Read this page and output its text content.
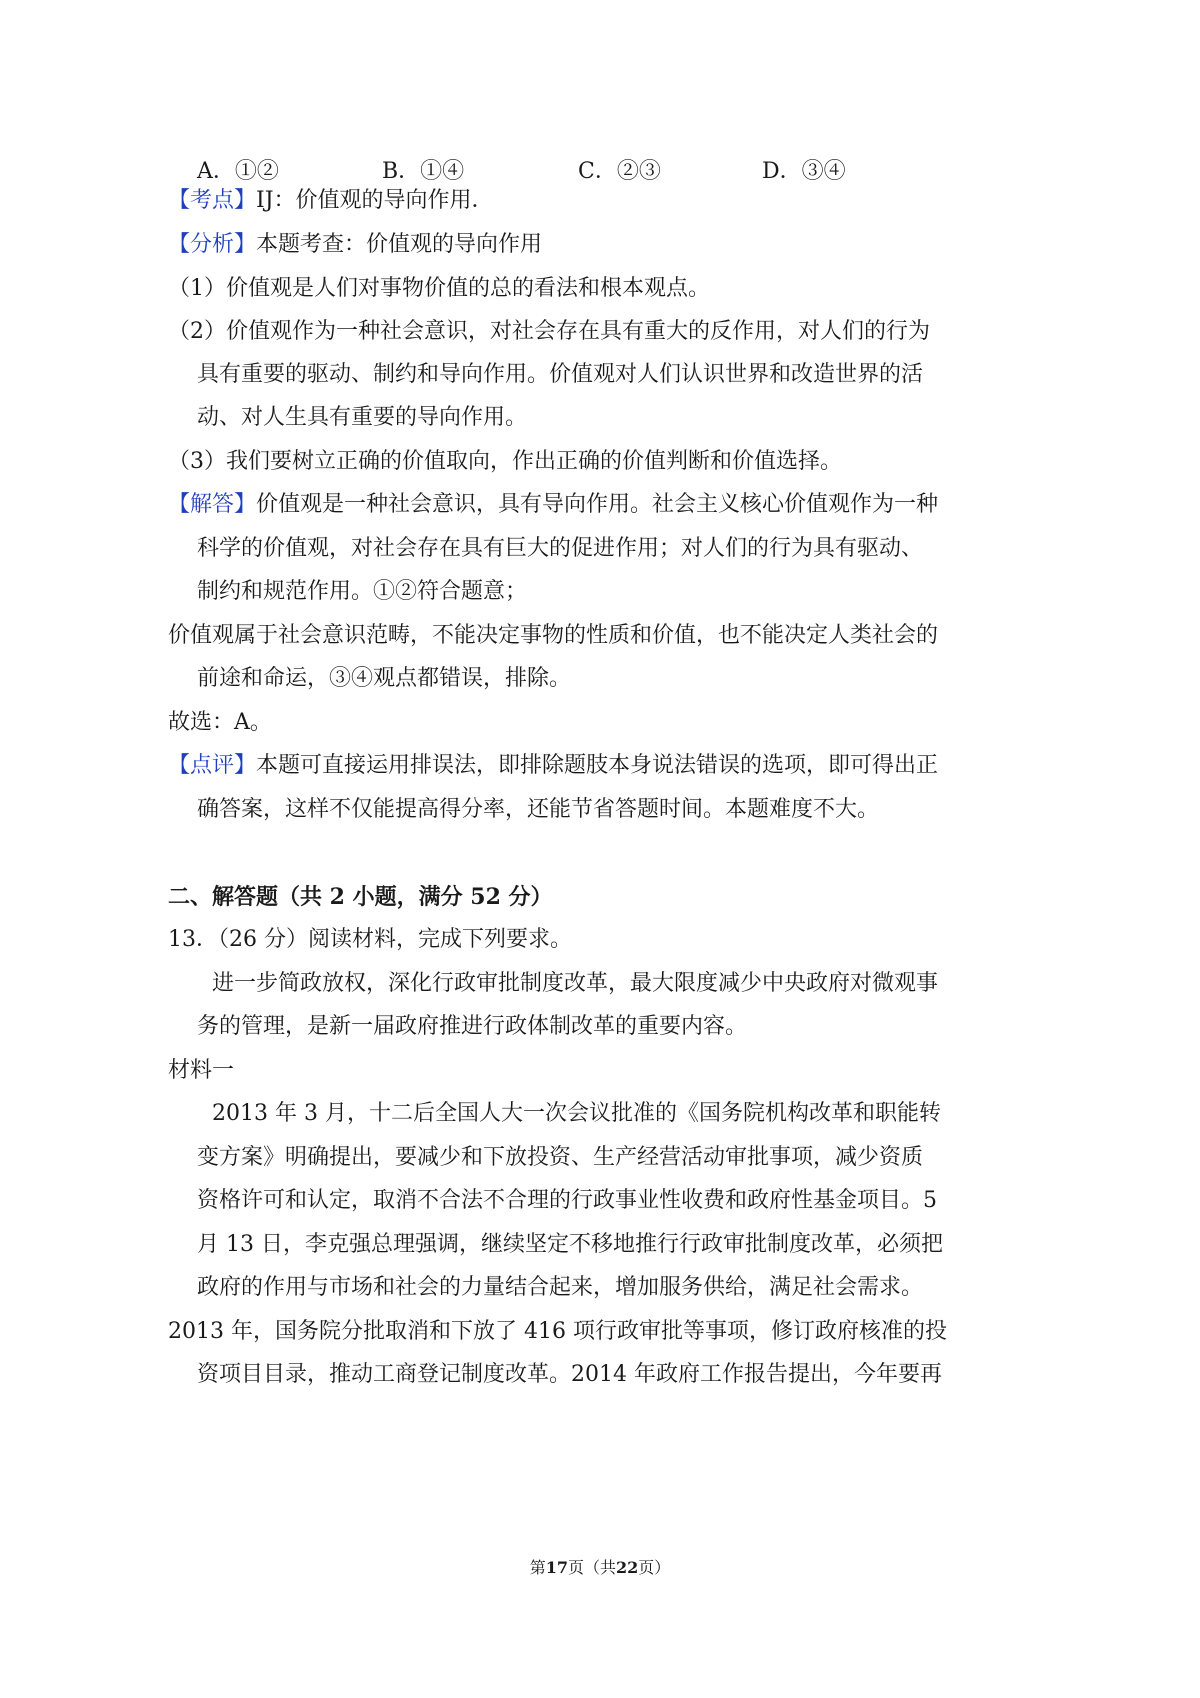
A．①②	B．①④	C．②③	D．③④
【考点】IJ：价值观的导向作用．
【分析】本题考查：价值观的导向作用
（1）价值观是人们对事物价值的总的看法和根本观点。
（2）价值观作为一种社会意识，对社会存在具有重大的反作用，对人们的行为
具有重要的驱动、制约和导向作用。价值观对人们认识世界和改造世界的活
动、对人生具有重要的导向作用。
（3）我们要树立正确的价值取向，作出正确的价值判断和价值选择。
【解答】价值观是一种社会意识，具有导向作用。社会主义核心价值观作为一种
科学的价值观，对社会存在具有巨大的促进作用；对人们的行为具有驱动、
制约和规范作用。①②符合题意；
价值观属于社会意识范畴，不能决定事物的性质和价值，也不能决定人类社会的
前途和命运，③④观点都错误，排除。
故选：A。
【点评】本题可直接运用排误法，即排除题肢本身说法错误的选项，即可得出正
确答案，这样不仅能提高得分率，还能节省答题时间。本题难度不大。
二、解答题（共 2 小题，满分 52 分）
13．（26 分）阅读材料，完成下列要求。
进一步简政放权，深化行政审批制度改革，最大限度减少中央政府对微观事
务的管理，是新一届政府推进行政体制改革的重要内容。
材料一
2013 年 3 月，十二后全国人大一次会议批准的《国务院机构改革和职能转
变方案》明确提出，要减少和下放投资、生产经营活动审批事项，减少资质
资格许可和认定，取消不合法不合理的行政事业性收费和政府性基金项目。5
月 13 日，李克强总理强调，继续坚定不移地推行行政审批制度改革，必须把
政府的作用与市场和社会的力量结合起来，增加服务供给，满足社会需求。
2013 年，国务院分批取消和下放了 416 项行政审批等事项，修订政府核准的投
资项目目录，推动工商登记制度改革。2014 年政府工作报告提出，今年要再
第17页（共22页）
